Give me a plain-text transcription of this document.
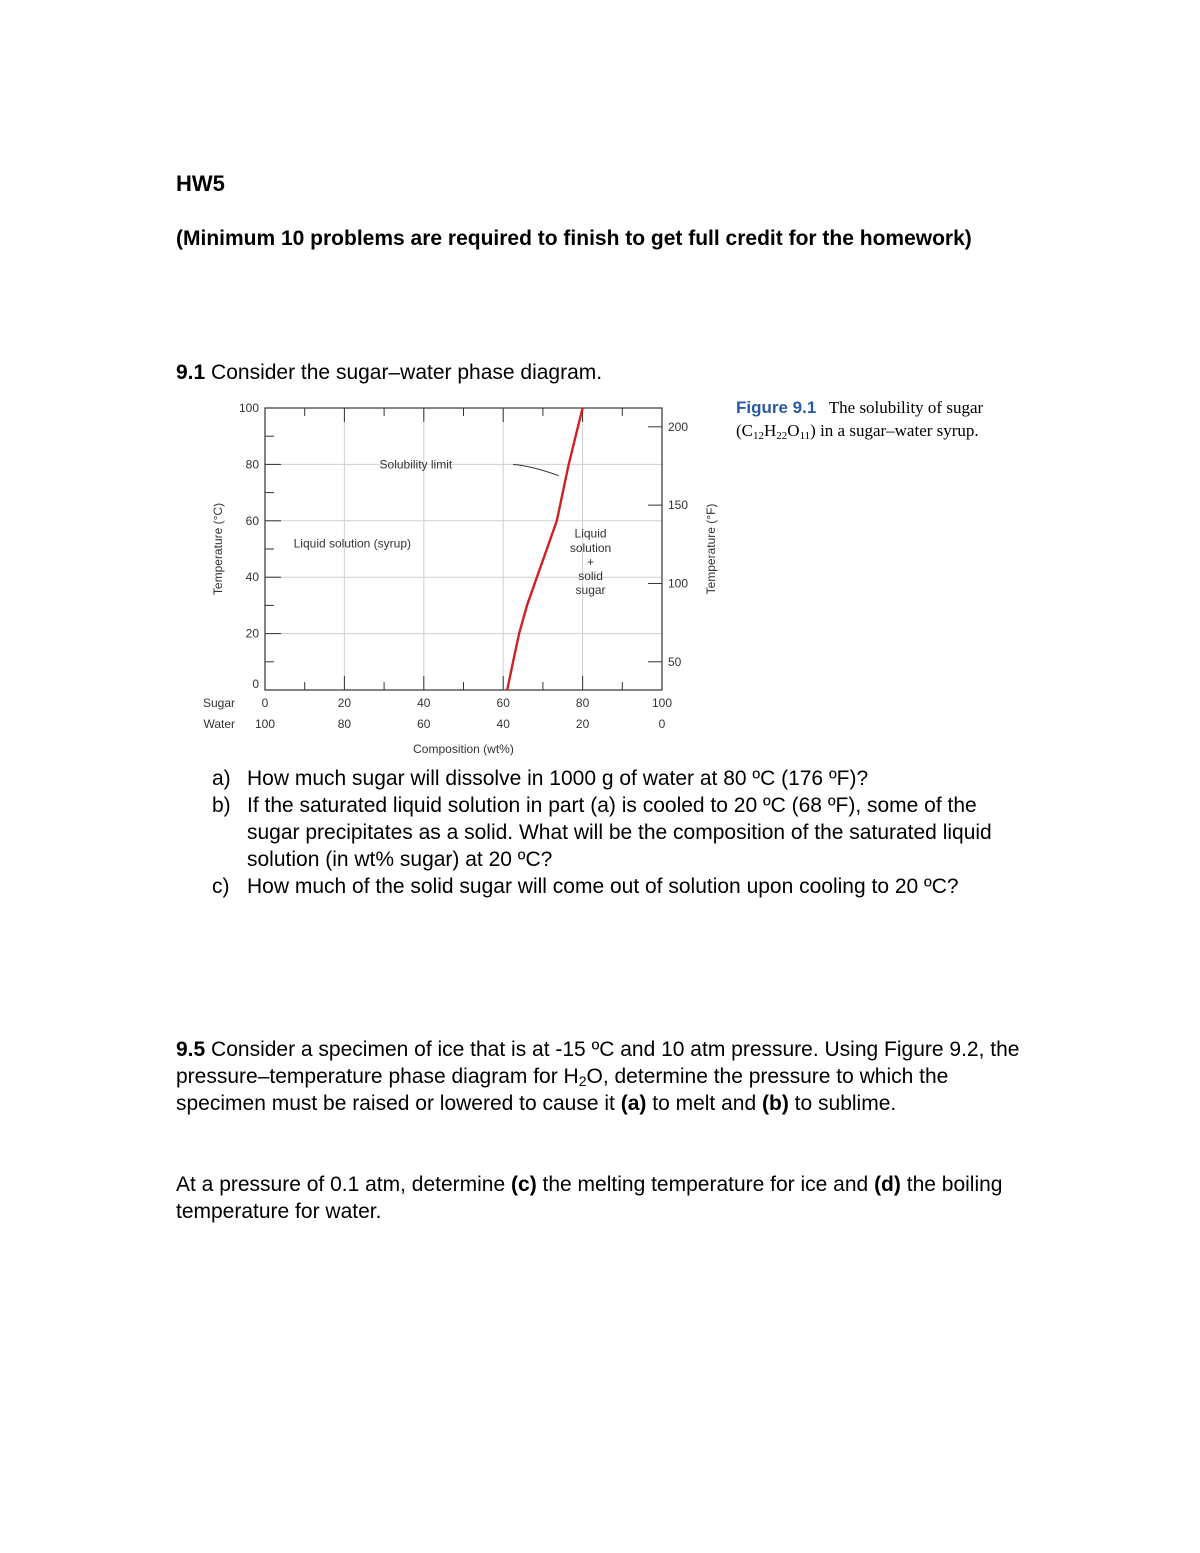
HW5
(Minimum 10 problems are required to finish to get full credit for the homework)
9.1 Consider the sugar–water phase diagram.
50
100
150
200
0
20
40
60
80
100
Sugar
Water
0
100
20
80
40
60
60
40
80
20
100
0
Composition (wt%)
Temperature (°C)	Temperature (°F)
Solubility limit
Liquid solution (syrup)
Liquid
solution
+
solid
sugar
Figure 9.1 The solubility of sugar
$(C_{12}H_{22}O_{11})$ in a sugar–water syrup.
a) How much sugar will dissolve in 1000 g of water at 80 ºC (176 ºF)?
b) If the saturated liquid solution in part (a) is cooled to 20 ºC (68 ºF), some of the sugar precipitates as a solid. What will be the composition of the saturated liquid solution (in wt% sugar) at 20 ºC?
c) How much of the solid sugar will come out of solution upon cooling to 20 ºC?
9.5 Consider a specimen of ice that is at -15 ºC and 10 atm pressure. Using Figure 9.2, the pressure–temperature phase diagram for $H_2O$, determine the pressure to which the specimen must be raised or lowered to cause it (a) to melt and (b) to sublime.
At a pressure of 0.1 atm, determine (c) the melting temperature for ice and (d) the boiling temperature for water.
